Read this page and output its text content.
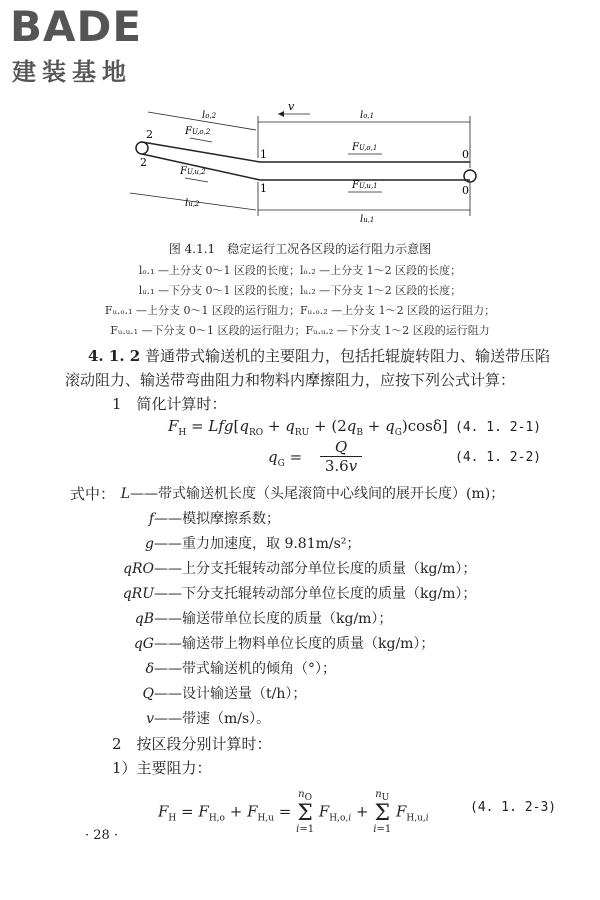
BADE
建装基地
v
FU,o,2
FU,u,2
FU,o,1
FU,u,1
lo,2	lo,1
lu,2
lu,1
2
2
1
1
0
0
图 4.1.1　稳定运行工况各区段的运行阻力示意图
lₒ.₁ —上分支 0～1 区段的长度；lₒ.₂ —上分支 1～2 区段的长度；
lᵤ.₁ —下分支 0～1 区段的长度；lᵤ.₂ —下分支 1～2 区段的长度；
Fᵤ.ₒ.₁ —上分支 0～1 区段的运行阻力；Fᵤ.ₒ.₂ —上分支 1～2 区段的运行阻力；
Fᵤ.ᵤ.₁ —下分支 0～1 区段的运行阻力；Fᵤ.ᵤ.₂ —下分支 1～2 区段的运行阻力
4. 1. 2 普通带式输送机的主要阻力，包括托辊旋转阻力、输送带压陷
滚动阻力、输送带弯曲阻力和物料内摩擦阻力，应按下列公式计算：
1　简化计算时：
$F_H = Lfg[q_{RO} + q_{RU} + (2q_B + q_G)\cos\delta]$ (4. 1. 2-1)
$q_G$ =
Q
3.6v	(4. 1. 2-2)
式中： L——带式输送机长度（头尾滚筒中心线间的展开长度）(m)；
f——模拟摩擦系数；
g——重力加速度，取 9.81m/s²；
qRO——上分支托辊转动部分单位长度的质量（kg/m）；
qRU——下分支托辊转动部分单位长度的质量（kg/m）；
qB——输送带单位长度的质量（kg/m）；
qG——输送带上物料单位长度的质量（kg/m）；
δ——带式输送机的倾角（°）；
Q——设计输送量（t/h）；
v——带速（m/s）。
2　按区段分别计算时：
1）主要阻力：
$F_H = F_{H,o} + F_{H,u} = n_O$
Σ
i=1 $F_{H,o,i} + n_U$
Σ
i=1 $F_{H,u,i}$
(4. 1. 2-3)
· 28 ·
